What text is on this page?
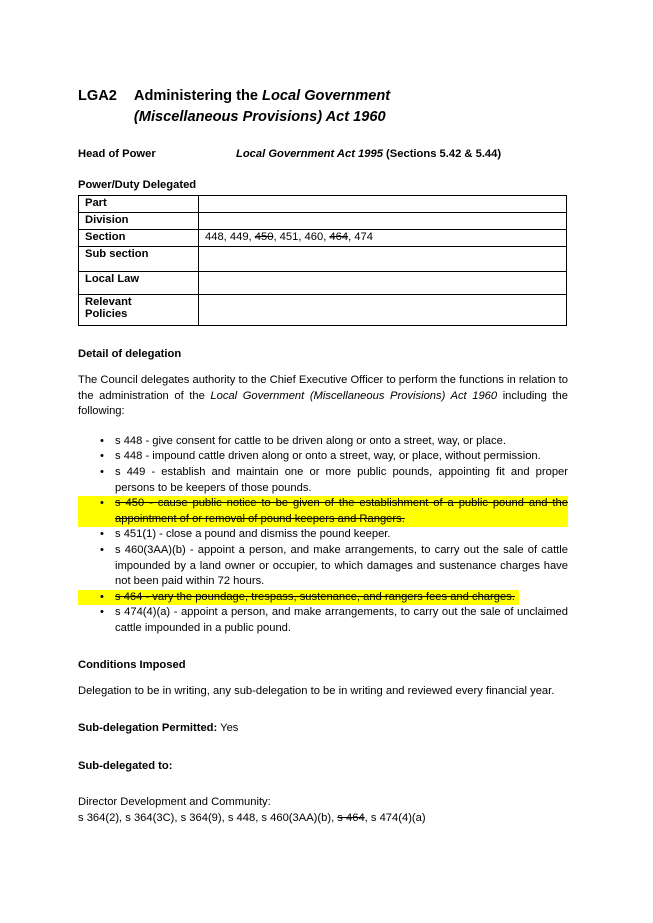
LGA2 Administering the Local Government
(Miscellaneous Provisions) Act 1960
Head of Power	Local Government Act 1995 (Sections 5.42 & 5.44)
Power/Duty Delegated
Part	
Division	
Section	448, 449, 450, 451, 460, 464, 474
Sub section	
Local Law	
Relevant
Policies	
Detail of delegation

The Council delegates authority to the Chief Executive Officer to perform the functions in relation to the administration of the Local Government (Miscellaneous Provisions) Act 1960 including the following:

• s 448 - give consent for cattle to be driven along or onto a street, way, or place.
• s 448 - impound cattle driven along or onto a street, way, or place, without permission.
• s 449 - establish and maintain one or more public pounds, appointing fit and proper persons to be keepers of those pounds.
• s 450 - cause public notice to be given of the establishment of a public pound and the appointment of or removal of pound keepers and Rangers.
• s 451(1) - close a pound and dismiss the pound keeper.
• s 460(3AA)(b) - appoint a person, and make arrangements, to carry out the sale of cattle impounded by a land owner or occupier, to which damages and sustenance charges have not been paid within 72 hours.
• s 464 - vary the poundage, trespass, sustenance, and rangers fees and charges.
• s 474(4)(a) - appoint a person, and make arrangements, to carry out the sale of unclaimed cattle impounded in a public pound.
Conditions Imposed

Delegation to be in writing, any sub-delegation to be in writing and reviewed every financial year.

Sub-delegation Permitted: Yes
Sub-delegated to:
Director Development and Community:
s 364(2), s 364(3C), s 364(9), s 448, s 460(3AA)(b), s 464, s 474(4)(a)
